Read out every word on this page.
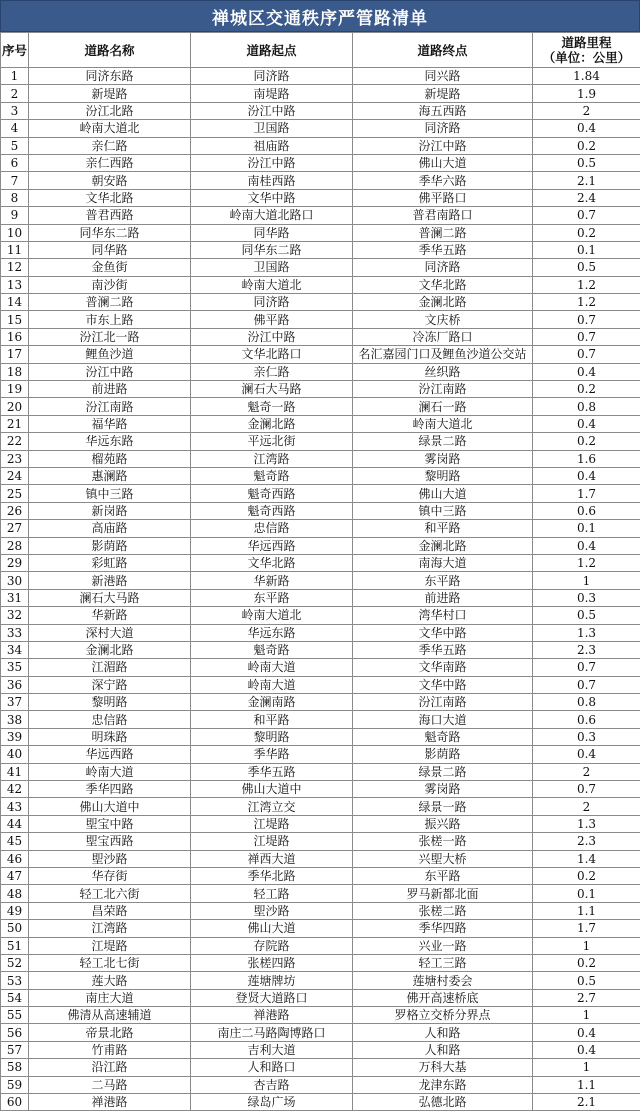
禅城区交通秩序严管路清单
序号	道路名称	道路起点	道路终点	道路里程
（单位：公里）

1	同济东路	同济路	同兴路	1.84
2	新堤路	南堤路	新堤路	1.9
3	汾江北路	汾江中路	海五西路	2
4	岭南大道北	卫国路	同济路	0.4
5	亲仁路	祖庙路	汾江中路	0.2
6	亲仁西路	汾江中路	佛山大道	0.5
7	朝安路	南桂西路	季华六路	2.1
8	文华北路	文华中路	佛平路口	2.4
9	普君西路	岭南大道北路口	普君南路口	0.7
10	同华东二路	同华路	普澜二路	0.2
11	同华路	同华东二路	季华五路	0.1
12	金鱼街	卫国路	同济路	0.5
13	南沙街	岭南大道北	文华北路	1.2
14	普澜二路	同济路	金澜北路	1.2
15	市东上路	佛平路	文庆桥	0.7
16	汾江北一路	汾江中路	冷冻厂路口	0.7
17	鲤鱼沙道	文华北路口	名汇嘉园门口及鲤鱼沙道公交站	0.7
18	汾江中路	亲仁路	丝织路	0.4
19	前进路	澜石大马路	汾江南路	0.2
20	汾江南路	魁奇一路	澜石一路	0.8
21	福华路	金澜北路	岭南大道北	0.4
22	华远东路	平远北街	绿景二路	0.2
23	榴苑路	江湾路	雾岗路	1.6
24	惠澜路	魁奇路	黎明路	0.4
25	镇中三路	魁奇西路	佛山大道	1.7
26	新岗路	魁奇西路	镇中三路	0.6
27	高庙路	忠信路	和平路	0.1
28	影荫路	华远西路	金澜北路	0.4
29	彩虹路	文华北路	南海大道	1.2
30	新港路	华新路	东平路	1
31	澜石大马路	东平路	前进路	0.3
32	华新路	岭南大道北	湾华村口	0.5
33	深村大道	华远东路	文华中路	1.3
34	金澜北路	魁奇路	季华五路	2.3
35	江湄路	岭南大道	文华南路	0.7
36	深宁路	岭南大道	文华中路	0.7
37	黎明路	金澜南路	汾江南路	0.8
38	忠信路	和平路	海口大道	0.6
39	明珠路	黎明路	魁奇路	0.3
40	华远西路	季华路	影荫路	0.4
41	岭南大道	季华五路	绿景二路	2
42	季华四路	佛山大道中	雾岗路	0.7
43	佛山大道中	江湾立交	绿景一路	2
44	堲宝中路	江堤路	振兴路	1.3
45	堲宝西路	江堤路	张槎一路	2.3
46	堲沙路	禅西大道	兴堲大桥	1.4
47	华存街	季华北路	东平路	0.2
48	轻工北六街	轻工路	罗马新都北面	0.1
49	昌荣路	堲沙路	张槎二路	1.1
50	江湾路	佛山大道	季华四路	1.7
51	江堤路	存院路	兴业一路	1
52	轻工北七街	张槎四路	轻工三路	0.2
53	莲大路	莲塘牌坊	莲塘村委会	0.5
54	南庄大道	登贤大道路口	佛开高速桥底	2.7
55	佛清从高速辅道	禅港路	罗格立交桥分界点	1
56	帝景北路	南庄二马路陶博路口	人和路	0.4
57	竹甫路	吉利大道	人和路	0.4
58	沿江路	人和路口	万科大基	1
59	二马路	杏吉路	龙津东路	1.1
60	禅港路	绿岛广场	弘德北路	2.1
